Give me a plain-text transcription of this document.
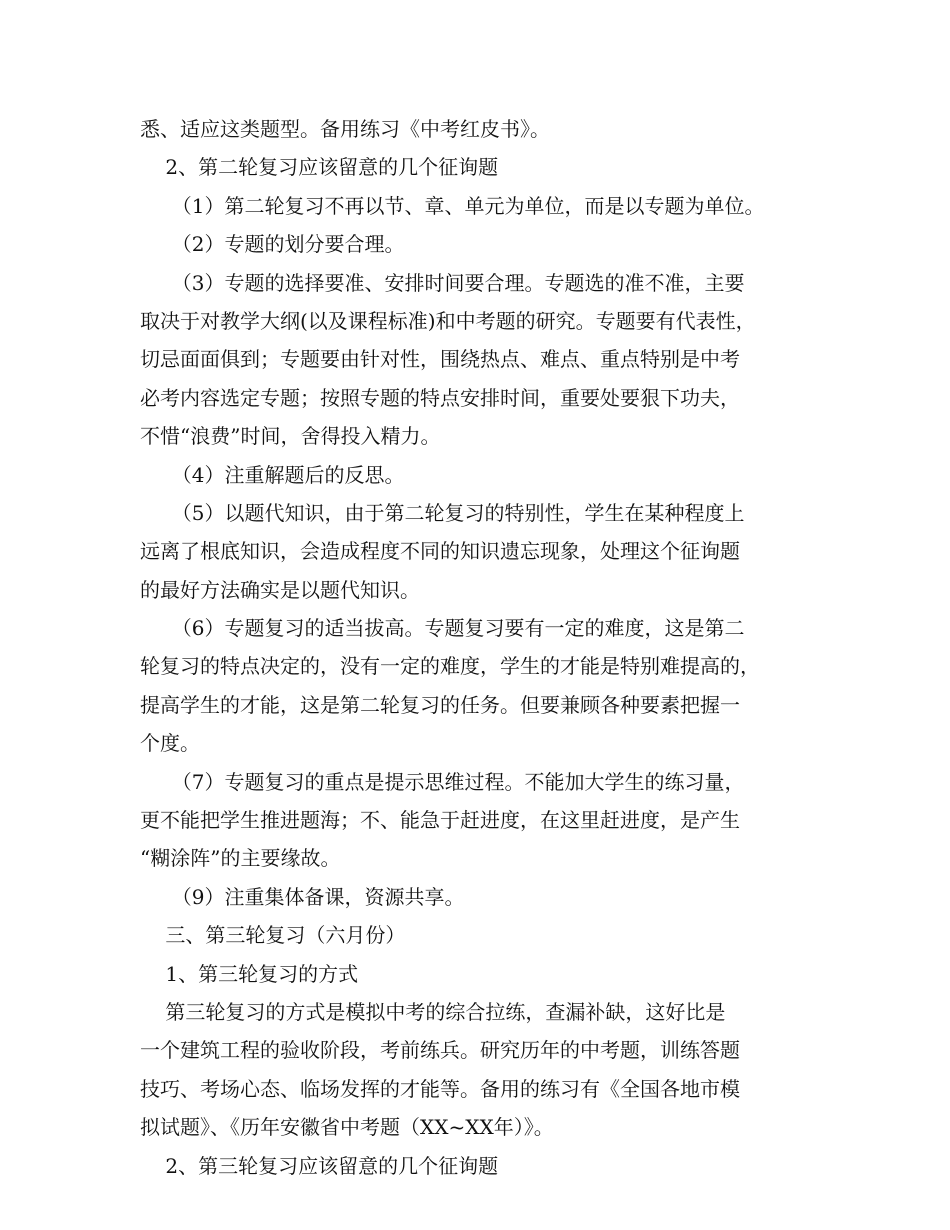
悉、适应这类题型。备用练习《中考红皮书》。
2、第二轮复习应该留意的几个征询题
（1）第二轮复习不再以节、章、单元为单位，而是以专题为单位。
（2）专题的划分要合理。
（3）专题的选择要准、安排时间要合理。专题选的准不准，主要
取决于对教学大纲(以及课程标准)和中考题的研究。专题要有代表性，
切忌面面俱到；专题要由针对性，围绕热点、难点、重点特别是中考
必考内容选定专题；按照专题的特点安排时间，重要处要狠下功夫，
不惜“浪费”时间，舍得投入精力。
（4）注重解题后的反思。
（5）以题代知识，由于第二轮复习的特别性，学生在某种程度上
远离了根底知识，会造成程度不同的知识遗忘现象，处理这个征询题
的最好方法确实是以题代知识。
（6）专题复习的适当拔高。专题复习要有一定的难度，这是第二
轮复习的特点决定的，没有一定的难度，学生的才能是特别难提高的，
提高学生的才能，这是第二轮复习的任务。但要兼顾各种要素把握一
个度。
（7）专题复习的重点是提示思维过程。不能加大学生的练习量，
更不能把学生推进题海；不、能急于赶进度，在这里赶进度，是产生
“糊涂阵”的主要缘故。
（9）注重集体备课，资源共享。
三、第三轮复习（六月份）
1、第三轮复习的方式
第三轮复习的方式是模拟中考的综合拉练，查漏补缺，这好比是
一个建筑工程的验收阶段，考前练兵。研究历年的中考题，训练答题
技巧、考场心态、临场发挥的才能等。备用的练习有《全国各地市模
拟试题》、《历年安徽省中考题（XX~XX年）》。
2、第三轮复习应该留意的几个征询题
